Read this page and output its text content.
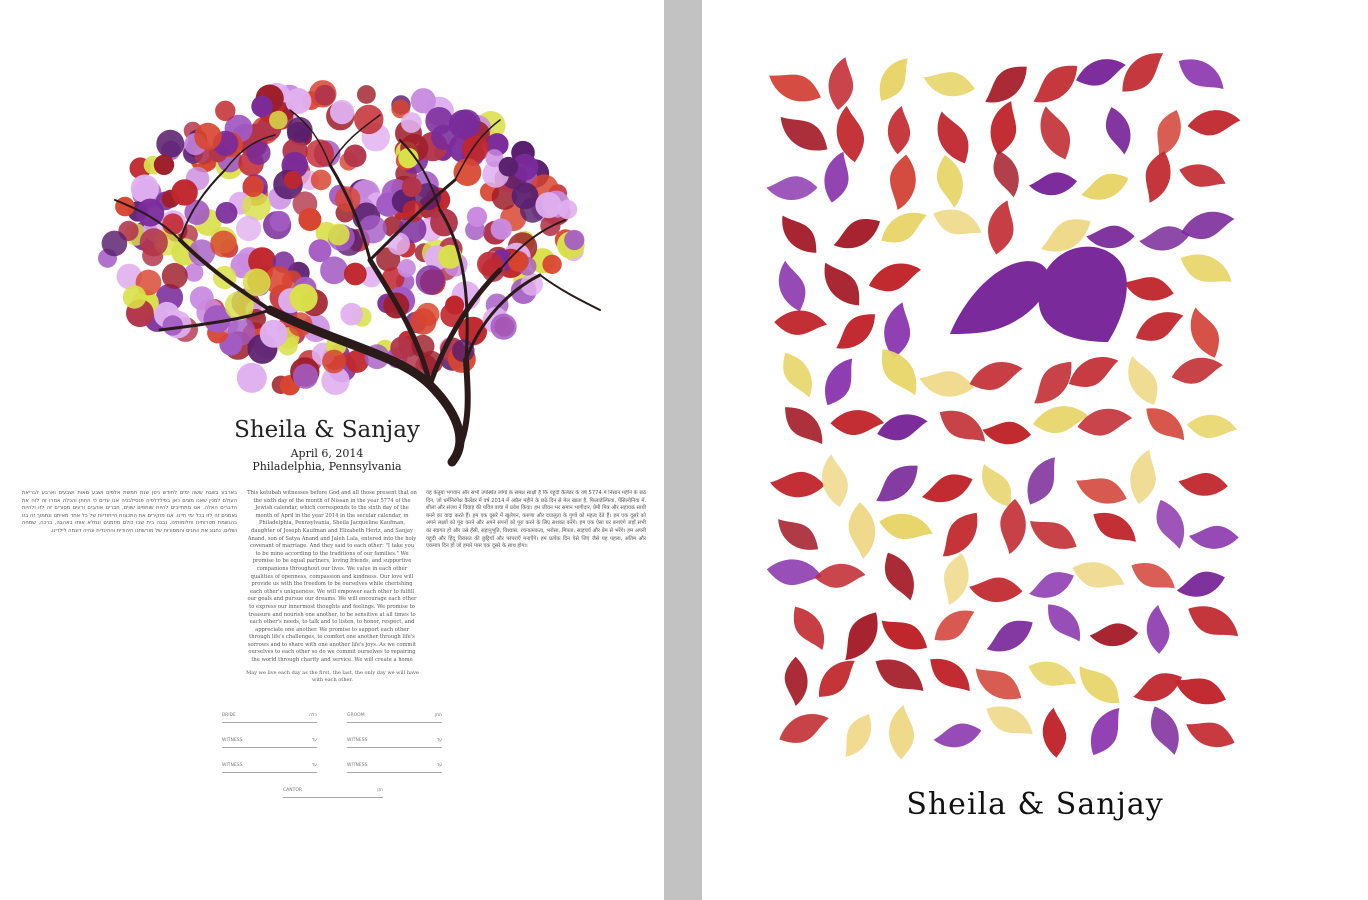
Sheila & Sanjay
April 6, 2014
Philadelphia, Pennsylvania

בארבע בשבת ששה ימים לחודש ניסן שנת חמשת אלפים ושבע מאות ושבעים וארבע לבריאת העולם למנין שאנו מונים כאן בפילדלפיה פנסילבניה אנו עדים כי החתן והכלה אמרו זה לזה את הדברים האלה. אנו מתחייבים להיות שותפים שווים, חברים אוהבים ורעים מסורים זה לזו ולהיות נאמנים זה לזו בכל ימי חיינו. אנו מוקירים את התכונות הייחודיות של כל אחד מאיתנו ונתמוך זה בזו בהגשמת מטרותינו וחלומותינו. נבנה בית שבו כולם מוזמנים ונמלא אותו באהבה, ברכה, שמחה ושלום, נחגוג את החגים והמסורות של מורשתנו היהודית וההינדית ונהיה דוגמה לילדינו.

This ketubah witnesses before God and all those present that on the sixth day of the month of Nissan in the year 5774 of the Jewish calendar, which corresponds to the sixth day of the month of April in the year 2014 in the secular calendar, in Philadelphia, Pennsylvania, Sheila Jacqueline Kaufman, daughter of Joseph Kaufman and Elizabeth Hertz, and Sanjay Anand, son of Satya Anand and Jaleh Lala, entered into the holy covenant of marriage. And they said to each other: "I take you to be mine according to the traditions of our families." We promise to be equal partners, loving friends, and supportive companions throughout our lives. We value in each other qualities of openness, compassion and kindness. Our love will provide us with the freedom to be ourselves while cherishing each other's uniqueness. We will empower each other to fulfill our goals and pursue our dreams. We will encourage each other to express our innermost thoughts and feelings. We promise to treasure and nourish one another, to be sensitive at all times to each other's needs, to talk and to listen, to honor, respect, and appreciate one another. We promise to support each other through life's challenges, to comfort one another through life's sorrows and to share with one another life's joys. As we commit ourselves to each other so do we commit ourselves to repairing the world through charity and service. We will create a home

यह केतुबा भगवान और सभी उपस्थित लोगों के समक्ष साक्षी है कि यहूदी कैलेंडर के वर्ष 5774 में निसान महीने के छठे दिन, जो धर्मनिरपेक्ष कैलेंडर में वर्ष 2014 में अप्रैल महीने के छठे दिन से मेल खाता है, फिलाडेल्फिया, पेंसिल्वेनिया में, शीला और संजय ने विवाह की पवित्र वाचा में प्रवेश किया। हम जीवन भर समान भागीदार, प्रेमी मित्र और सहायक साथी बनने का वादा करते हैं। हम एक दूसरे में खुलेपन, करुणा और दयालुता के गुणों को महत्व देते हैं। हम एक दूसरे को अपने लक्ष्यों को पूरा करने और अपने सपनों को पूरा करने के लिए सशक्त करेंगे। हम एक ऐसा घर बनाएंगे जहाँ सभी का स्वागत हो और उसे हँसी, सहानुभूति, विश्वास, रचनात्मकता, भरोसा, मित्रता, साहचर्य और प्रेम से भरेंगे। हम अपनी यहूदी और हिंदू विरासत की छुट्टियाँ और परंपराएँ मनाएँगे। हम प्रत्येक दिन ऐसे जिएं जैसे यह पहला, अंतिम और एकमात्र दिन हो जो हमारे पास एक दूसरे के साथ होगा।

May we live each day as the first, the last, the only day we will have with each other.
BRIDE	כלה	GROOM	חתן
WITNESS	עד	WITNESS	עד
WITNESS	עד	WITNESS	עד
CANTOR	חזן	Sheila & Sanjay
